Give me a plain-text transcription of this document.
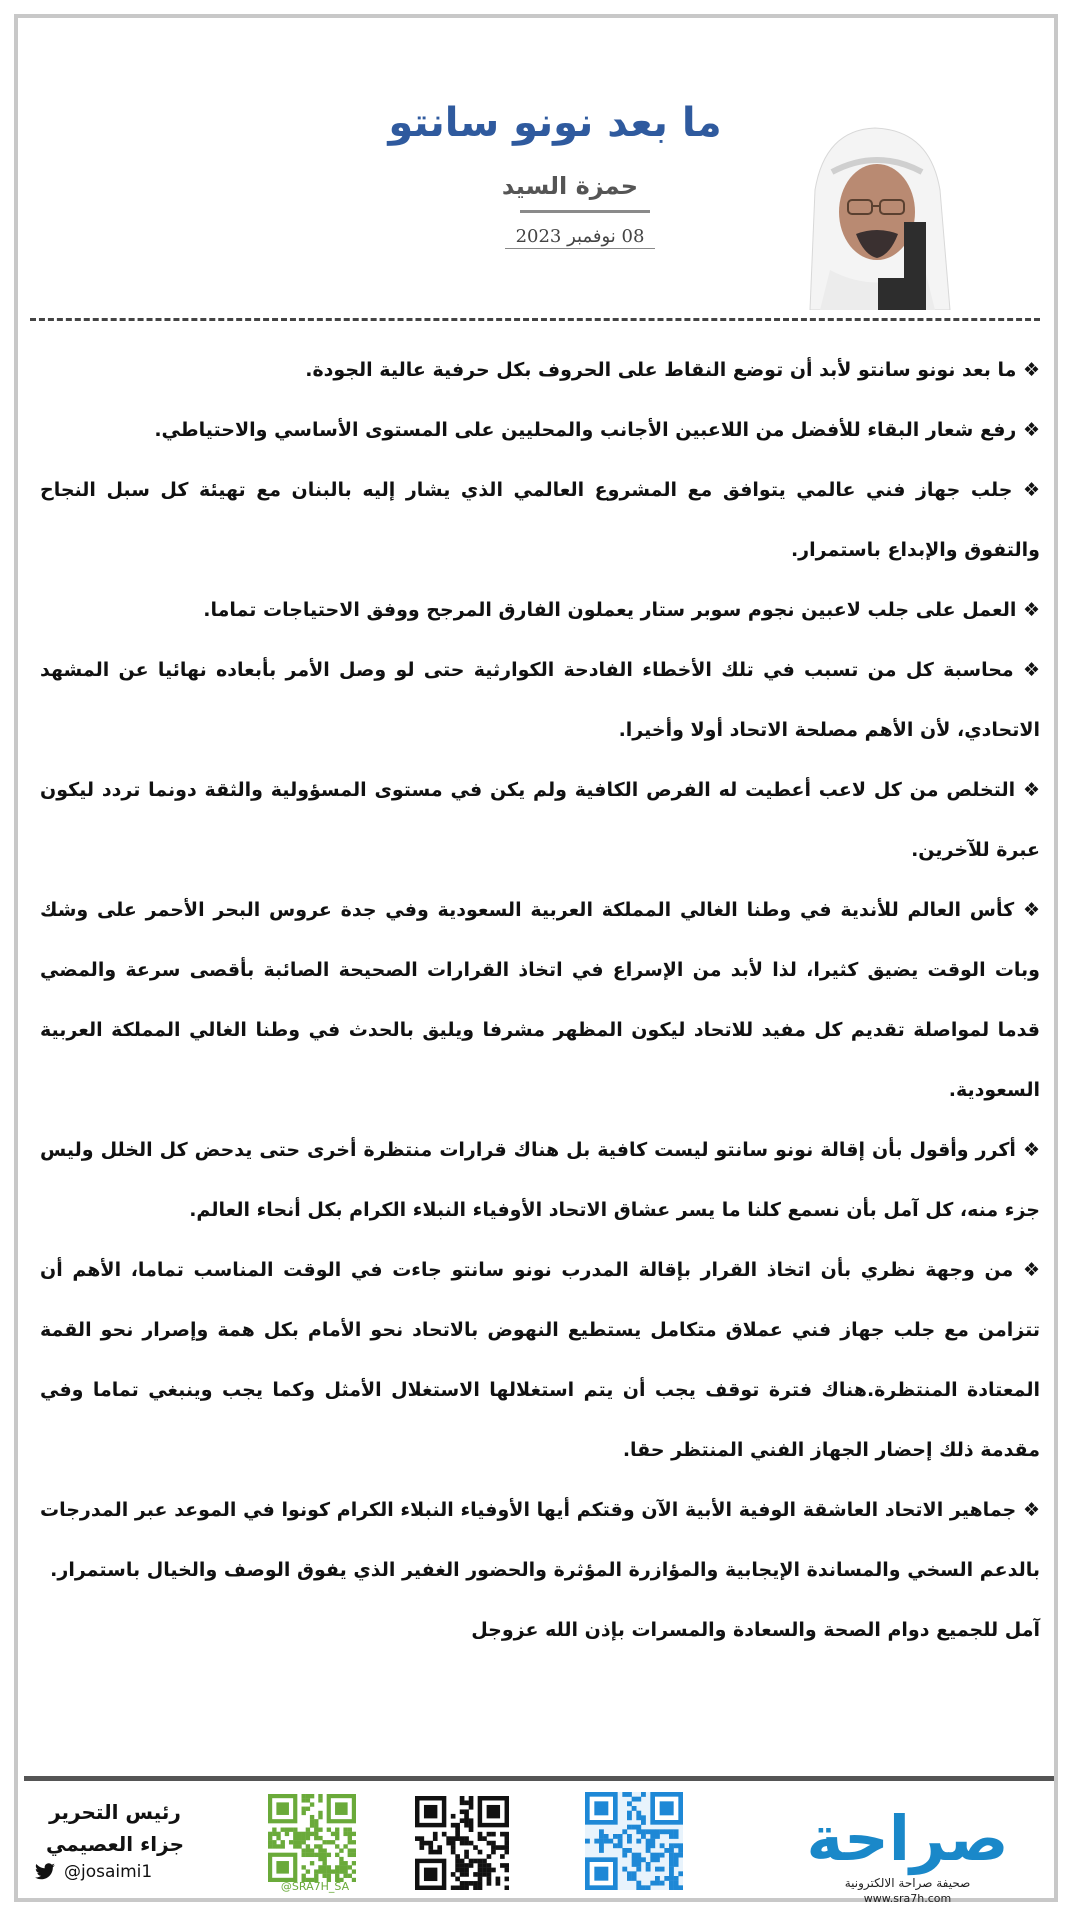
ما بعد نونو سانتو
حمزة السيد
08 نوفمبر 2023

❖ ما بعد نونو سانتو لأبد أن توضع النقاط على الحروف بكل حرفية عالية الجودة.

❖ رفع شعار البقاء للأفضل من اللاعبين الأجانب والمحليين على المستوى الأساسي والاحتياطي.

❖ جلب جهاز فني عالمي يتوافق مع المشروع العالمي الذي يشار إليه بالبنان مع تهيئة كل سبل النجاح والتفوق والإبداع باستمرار.

❖ العمل على جلب لاعبين نجوم سوبر ستار يعملون الفارق المرجح ووفق الاحتياجات تماما.

❖ محاسبة كل من تسبب في تلك الأخطاء الفادحة الكوارثية حتى لو وصل الأمر بأبعاده نهائيا عن المشهد الاتحادي، لأن الأهم مصلحة الاتحاد أولا وأخيرا.

❖ التخلص من كل لاعب أعطيت له الفرص الكافية ولم يكن في مستوى المسؤولية والثقة دونما تردد ليكون عبرة للآخرين.

❖ كأس العالم للأندية في وطنا الغالي المملكة العربية السعودية وفي جدة عروس البحر الأحمر على وشك وبات الوقت يضيق كثيرا، لذا لأبد من الإسراع في اتخاذ القرارات الصحيحة الصائبة بأقصى سرعة والمضي قدما لمواصلة تقديم كل مفيد للاتحاد ليكون المظهر مشرفا ويليق بالحدث في وطنا الغالي المملكة العربية السعودية.

❖ أكرر وأقول بأن إقالة نونو سانتو ليست كافية بل هناك قرارات منتظرة أخرى حتى يدحض كل الخلل وليس جزء منه، كل آمل بأن نسمع كلنا ما يسر عشاق الاتحاد الأوفياء النبلاء الكرام بكل أنحاء العالم.

❖ من وجهة نظري بأن اتخاذ القرار بإقالة المدرب نونو سانتو جاءت في الوقت المناسب تماما، الأهم أن تتزامن مع جلب جهاز فني عملاق متكامل يستطيع النهوض بالاتحاد نحو الأمام بكل همة وإصرار نحو القمة المعتادة المنتظرة.هناك فترة توقف يجب أن يتم استغلالها الاستغلال الأمثل وكما يجب وينبغي تماما وفي مقدمة ذلك إحضار الجهاز الفني المنتظر حقا.

❖ جماهير الاتحاد العاشقة الوفية الأبية الآن وقتكم أيها الأوفياء النبلاء الكرام كونوا في الموعد عبر المدرجات بالدعم السخي والمساندة الإيجابية والمؤازرة المؤثرة والحضور الغفير الذي يفوق الوصف والخيال باستمرار.

آمل للجميع دوام الصحة والسعادة والمسرات بإذن الله عزوجل

صراحة
صحيفة صراحة الالكترونية
www.sra7h.com
@SRA7H_SA
رئيس التحرير
جزاء العصيمي
@josaimi1
